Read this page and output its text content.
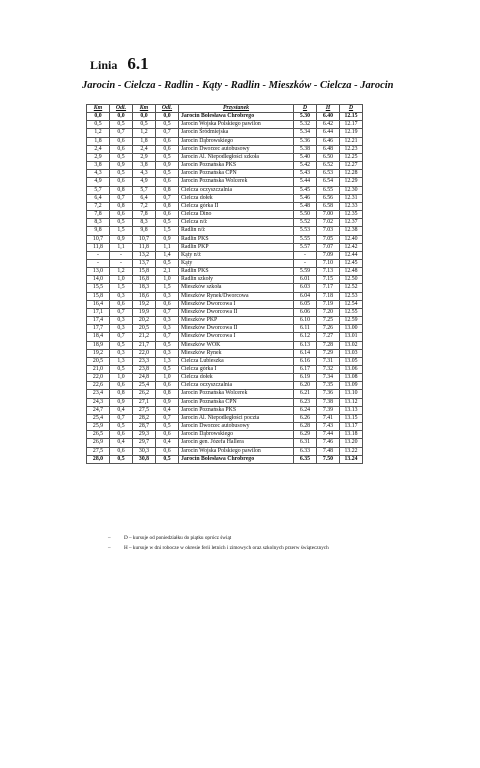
Linia 6.1
Jarocin - Cielcza - Radlin - Kąty - Radlin - Mieszków - Cielcza - Jarocin
Km	Odl.	Km	Odl.	Przystanek	D	H	D
0,0	0,0	0,0	0,0	Jarocin Bolesława Chrobrego	5.30	6.40	12.15
0,5	0,5	0,5	0,5	Jarocin Wojska Polskiego pawilon	5.32	6.42	12.17
1,2	0,7	1,2	0,7	Jarocin Śródmiejska	5.34	6.44	12.19
1,8	0,6	1,8	0,6	Jarocin Dąbrowskiego	5.36	6.46	12.21
2,4	0,6	2,4	0,6	Jarocin Dworzec autobusowy	5.38	6.48	12.23
2,9	0,5	2,9	0,5	Jarocin Al. Niepodległości szkoła	5.40	6.50	12.25
3,8	0,9	3,8	0,9	Jarocin Poznańska PKS	5.42	6.52	12.27
4,3	0,5	4,3	0,5	Jarocin Poznańska CPN	5.43	6.53	12.28
4,9	0,6	4,9	0,6	Jarocin Poznańska Wolcerek	5.44	6.54	12.29
5,7	0,8	5,7	0,8	Cielcza oczyszczalnia	5.45	6.55	12.30
6,4	0,7	6,4	0,7	Cielcza dołek	5.46	6.56	12.31
7,2	0,8	7,2	0,8	Cielcza górka II	5.48	6.58	12.33
7,8	0,6	7,8	0,6	Cielcza Dino	5.50	7.00	12.35
8,3	0,5	8,3	0,5	Cielcza n/ż	5.52	7.02	12.37
9,8	1,5	9,8	1,5	Radlin n/ż	5.53	7.03	12.38
10,7	0,9	10,7	0,9	Radlin PKS	5.55	7.05	12.40
11,8	1,1	11,8	1,1	Radlin PKP	5.57	7.07	12.42
-	-	13,2	1,4	Kąty n/ż	-	7.09	12.44
-	-	13,7	0,5	Kąty	-	7.10	12.45
13,0	1,2	15,8	2,1	Radlin PKS	5.59	7.13	12.48
14,0	1,0	16,8	1,0	Radlin szkoły	6.01	7.15	12.50
15,5	1,5	18,3	1,5	Mieszków szkoła	6.03	7.17	12.52
15,8	0,3	18,6	0,3	Mieszków Rynek/Dworcowa	6.04	7.18	12.53
16,4	0,6	19,2	0,6	Mieszków Dworcowa I	6.05	7.19	12.54
17,1	0,7	19,9	0,7	Mieszków Dworcowa II	6.06	7.20	12.55
17,4	0,3	20,2	0,3	Mieszków PKP	6.10	7.25	12.59
17,7	0,3	20,5	0,3	Mieszków Dworcowa II	6.11	7.26	13.00
18,4	0,7	21,2	0,7	Mieszków Dworcowa I	6.12	7.27	13.01
18,9	0,5	21,7	0,5	Mieszków WOK	6.13	7.28	13.02
19,2	0,3	22,0	0,3	Mieszków Rynek	6.14	7.29	13.03
20,5	1,3	23,3	1,3	Cielcza Lubieszka	6.16	7.31	13.05
21,0	0,5	23,8	0,5	Cielcza górka I	6.17	7.32	13.06
22,0	1,0	24,8	1,0	Cielcza dołek	6.19	7.34	13.08
22,6	0,6	25,4	0,6	Cielcza oczyszczalnia	6.20	7.35	13.09
23,4	0,8	26,2	0,8	Jarocin Poznańska Wolcerek	6.21	7.36	13.10
24,3	0,9	27,1	0,9	Jarocin Poznańska CPN	6.23	7.38	13.12
24,7	0,4	27,5	0,4	Jarocin Poznańska PKS	6.24	7.39	13.13
25,4	0,7	28,2	0,7	Jarocin Al. Niepodległości poczta	6.26	7.41	13.15
25,9	0,5	28,7	0,5	Jarocin Dworzec autobusowy	6.28	7.43	13.17
26,5	0,6	29,3	0,6	Jarocin Dąbrowskiego	6.29	7.44	13.18
26,9	0,4	29,7	0,4	Jarocin gen. Józefa Hallera	6.31	7.46	13.20
27,5	0,6	30,3	0,6	Jarocin Wojska Polskiego pawilon	6.33	7.48	13.22
28,0	0,5	30,8	0,5	Jarocin Bolesława Chrobrego	6.35	7.50	13.24
–	D – kursuje od poniedziałku do piątku oprócz świąt
–	H – kursuje w dni robocze w okresie ferii letnich i zimowych oraz szkolnych przerw świątecznych
